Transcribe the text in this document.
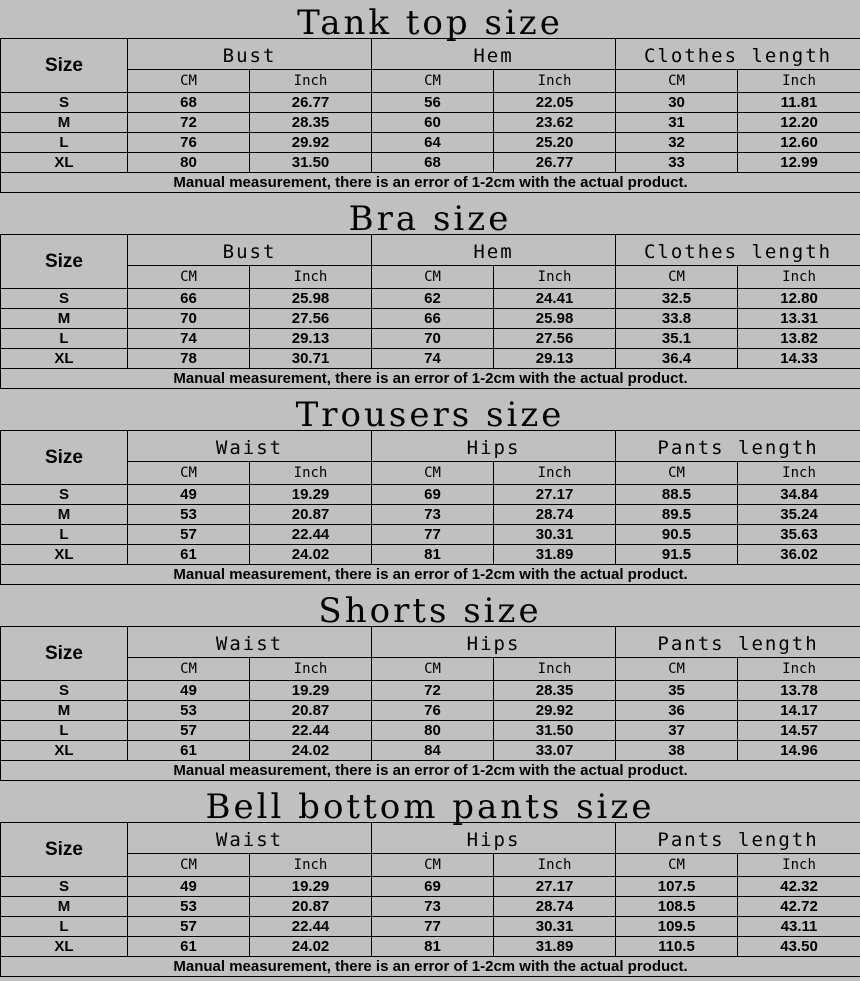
Tank top size
Size	Bust		Hem		Clothes length	
	CM	Inch	CM	Inch	CM	Inch
S	68	26.77	56	22.05	30	11.81
M	72	28.35	60	23.62	31	12.20
L	76	29.92	64	25.20	32	12.60
XL	80	31.50	68	26.77	33	12.99
Manual measurement, there is an error of 1-2cm with the actual product.						
Bra size
Size	Bust		Hem		Clothes length	
	CM	Inch	CM	Inch	CM	Inch
S	66	25.98	62	24.41	32.5	12.80
M	70	27.56	66	25.98	33.8	13.31
L	74	29.13	70	27.56	35.1	13.82
XL	78	30.71	74	29.13	36.4	14.33
Manual measurement, there is an error of 1-2cm with the actual product.						
Trousers size
Size	Waist		Hips		Pants length	
	CM	Inch	CM	Inch	CM	Inch
S	49	19.29	69	27.17	88.5	34.84
M	53	20.87	73	28.74	89.5	35.24
L	57	22.44	77	30.31	90.5	35.63
XL	61	24.02	81	31.89	91.5	36.02
Manual measurement, there is an error of 1-2cm with the actual product.						
Shorts size
Size	Waist		Hips		Pants length	
	CM	Inch	CM	Inch	CM	Inch
S	49	19.29	72	28.35	35	13.78
M	53	20.87	76	29.92	36	14.17
L	57	22.44	80	31.50	37	14.57
XL	61	24.02	84	33.07	38	14.96
Manual measurement, there is an error of 1-2cm with the actual product.						
Bell bottom pants size
Size	Waist		Hips		Pants length	
	CM	Inch	CM	Inch	CM	Inch
S	49	19.29	69	27.17	107.5	42.32
M	53	20.87	73	28.74	108.5	42.72
L	57	22.44	77	30.31	109.5	43.11
XL	61	24.02	81	31.89	110.5	43.50
Manual measurement, there is an error of 1-2cm with the actual product.						
